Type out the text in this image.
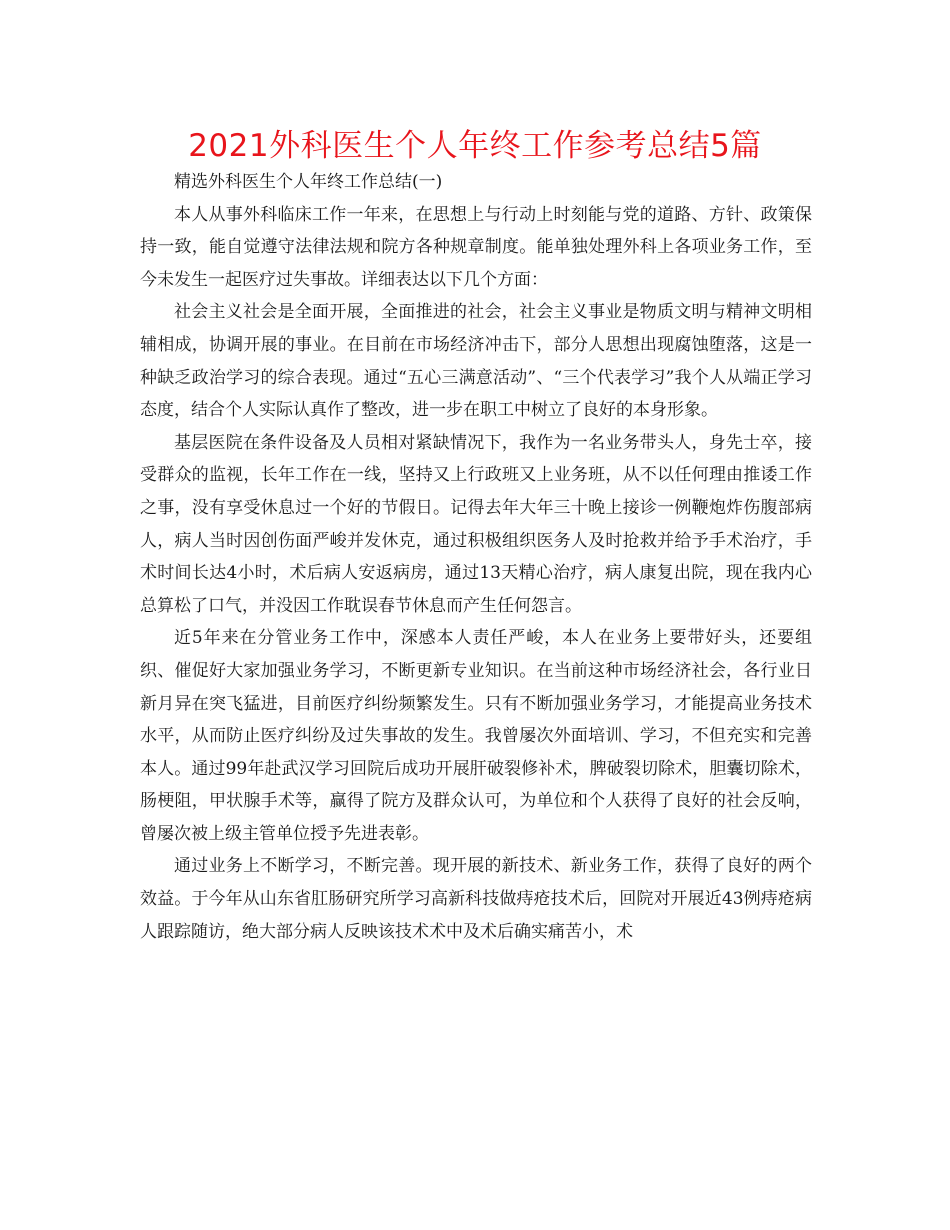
2021外科医生个人年终工作参考总结5篇

精选外科医生个人年终工作总结(一)

本人从事外科临床工作一年来，在思想上与行动上时刻能与党的道路、方针、政策保持一致，能自觉遵守法律法规和院方各种规章制度。能单独处理外科上各项业务工作，至今未发生一起医疗过失事故。详细表达以下几个方面：

社会主义社会是全面开展，全面推进的社会，社会主义事业是物质文明与精神文明相辅相成，协调开展的事业。在目前在市场经济冲击下，部分人思想出现腐蚀堕落，这是一种缺乏政治学习的综合表现。通过“五心三满意活动”、“三个代表学习”我个人从端正学习态度，结合个人实际认真作了整改，进一步在职工中树立了良好的本身形象。

基层医院在条件设备及人员相对紧缺情况下，我作为一名业务带头人，身先士卒，接受群众的监视，长年工作在一线，坚持又上行政班又上业务班，从不以任何理由推诿工作之事，没有享受休息过一个好的节假日。记得去年大年三十晚上接诊一例鞭炮炸伤腹部病人，病人当时因创伤面严峻并发休克，通过积极组织医务人及时抢救并给予手术治疗，手术时间长达4小时，术后病人安返病房，通过13天精心治疗，病人康复出院，现在我内心总算松了口气，并没因工作耽误春节休息而产生任何怨言。

近5年来在分管业务工作中，深感本人责任严峻，本人在业务上要带好头，还要组织、催促好大家加强业务学习，不断更新专业知识。在当前这种市场经济社会，各行业日新月异在突飞猛进，目前医疗纠纷频繁发生。只有不断加强业务学习，才能提高业务技术水平，从而防止医疗纠纷及过失事故的发生。我曾屡次外面培训、学习，不但充实和完善本人。通过99年赴武汉学习回院后成功开展肝破裂修补术，脾破裂切除术，胆囊切除术，肠梗阻，甲状腺手术等，赢得了院方及群众认可，为单位和个人获得了良好的社会反响，曾屡次被上级主管单位授予先进表彰。

通过业务上不断学习，不断完善。现开展的新技术、新业务工作，获得了良好的两个效益。于今年从山东省肛肠研究所学习高新科技做痔疮技术后，回院对开展近43例痔疮病人跟踪随访，绝大部分病人反映该技术术中及术后确实痛苦小，术
